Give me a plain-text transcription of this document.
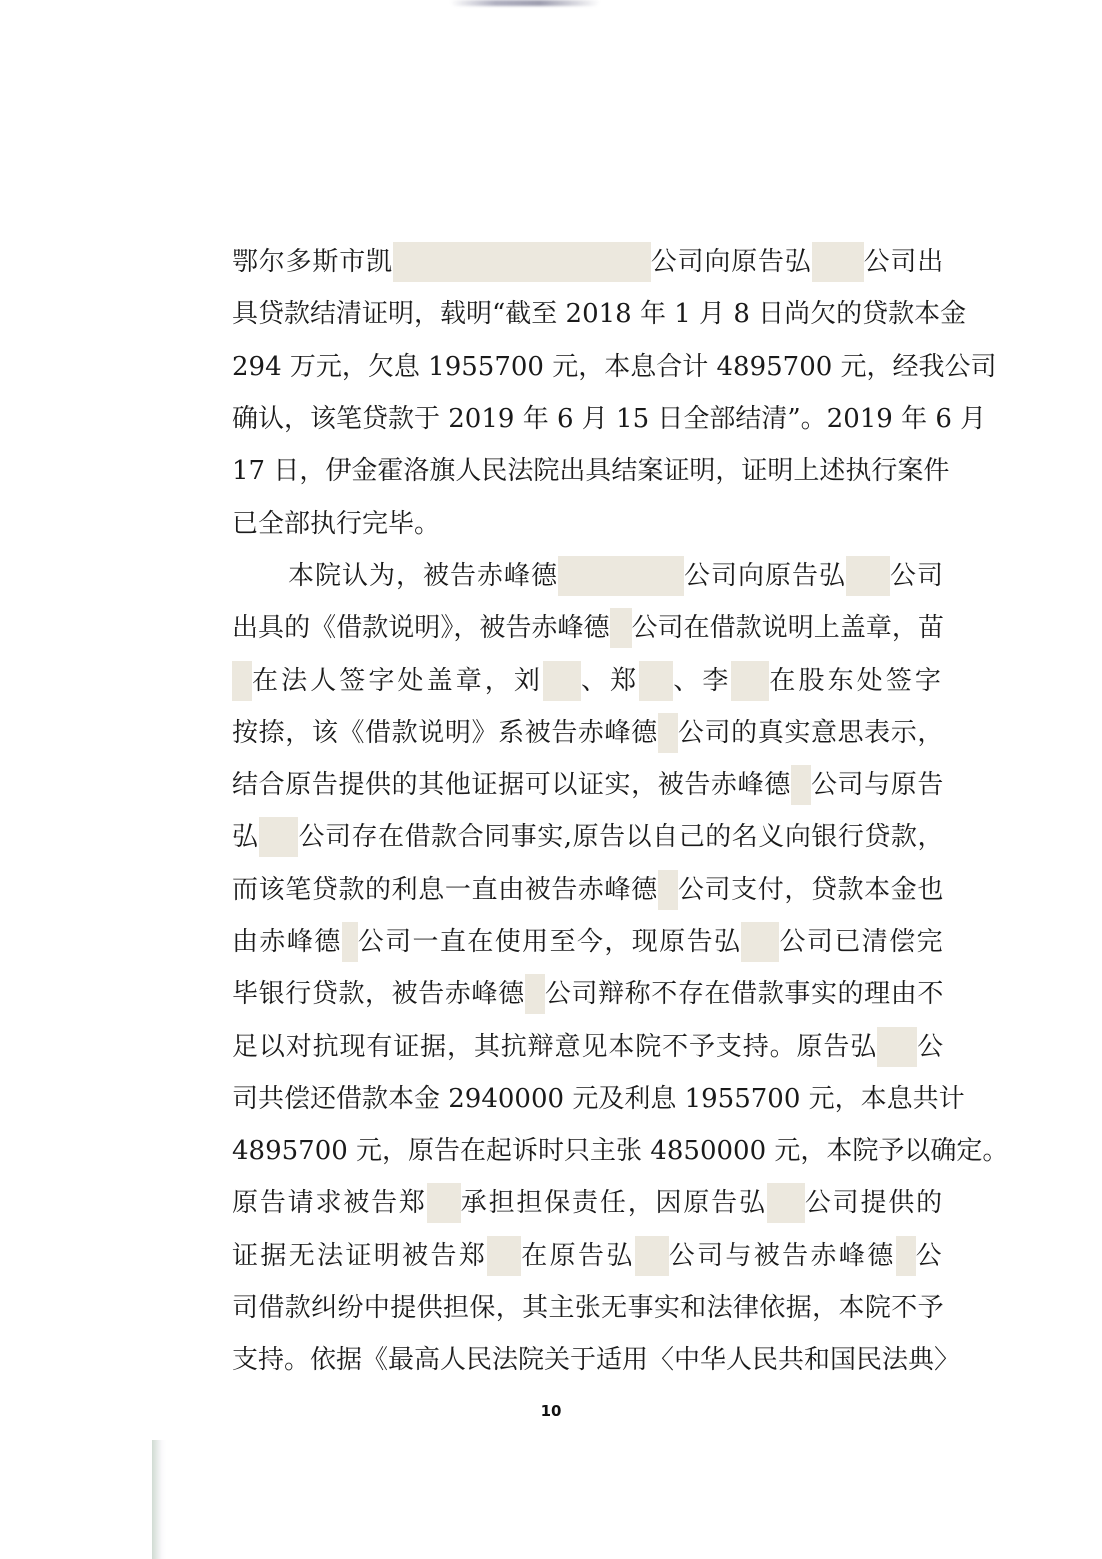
鄂尔多斯市凯	公司向原告弘 公司出
具贷款结清证明，载明“截至 2018 年 1 月 8 日尚欠的贷款本金
294 万元，欠息 1955700 元，本息合计 4895700 元，经我公司
确认，该笔贷款于 2019 年 6 月 15 日全部结清”。2019 年 6 月
17 日，伊金霍洛旗人民法院出具结案证明，证明上述执行案件
已全部执行完毕。
本院认为，被告赤峰德	公司向原告弘 公司
出具的《借款说明》，被告赤峰德 公司在借款说明上盖章，苗
在法人签字处盖章，刘 、郑 、李 在股东处签字
按捺，该《借款说明》系被告赤峰德 公司的真实意思表示，
结合原告提供的其他证据可以证实，被告赤峰德 公司与原告
弘 公司存在借款合同事实,原告以自己的名义向银行贷款，
而该笔贷款的利息一直由被告赤峰德 公司支付，贷款本金也
由赤峰德 公司一直在使用至今，现原告弘 公司已清偿完
毕银行贷款，被告赤峰德 公司辩称不存在借款事实的理由不
足以对抗现有证据，其抗辩意见本院不予支持。原告弘 公
司共偿还借款本金 2940000 元及利息 1955700 元，本息共计
4895700 元，原告在起诉时只主张 4850000 元，本院予以确定。
原告请求被告郑 承担担保责任，因原告弘 公司提供的
证据无法证明被告郑 在原告弘 公司与被告赤峰德 公
司借款纠纷中提供担保，其主张无事实和法律依据，本院不予
支持。依据《最高人民法院关于适用〈中华人民共和国民法典〉
10
